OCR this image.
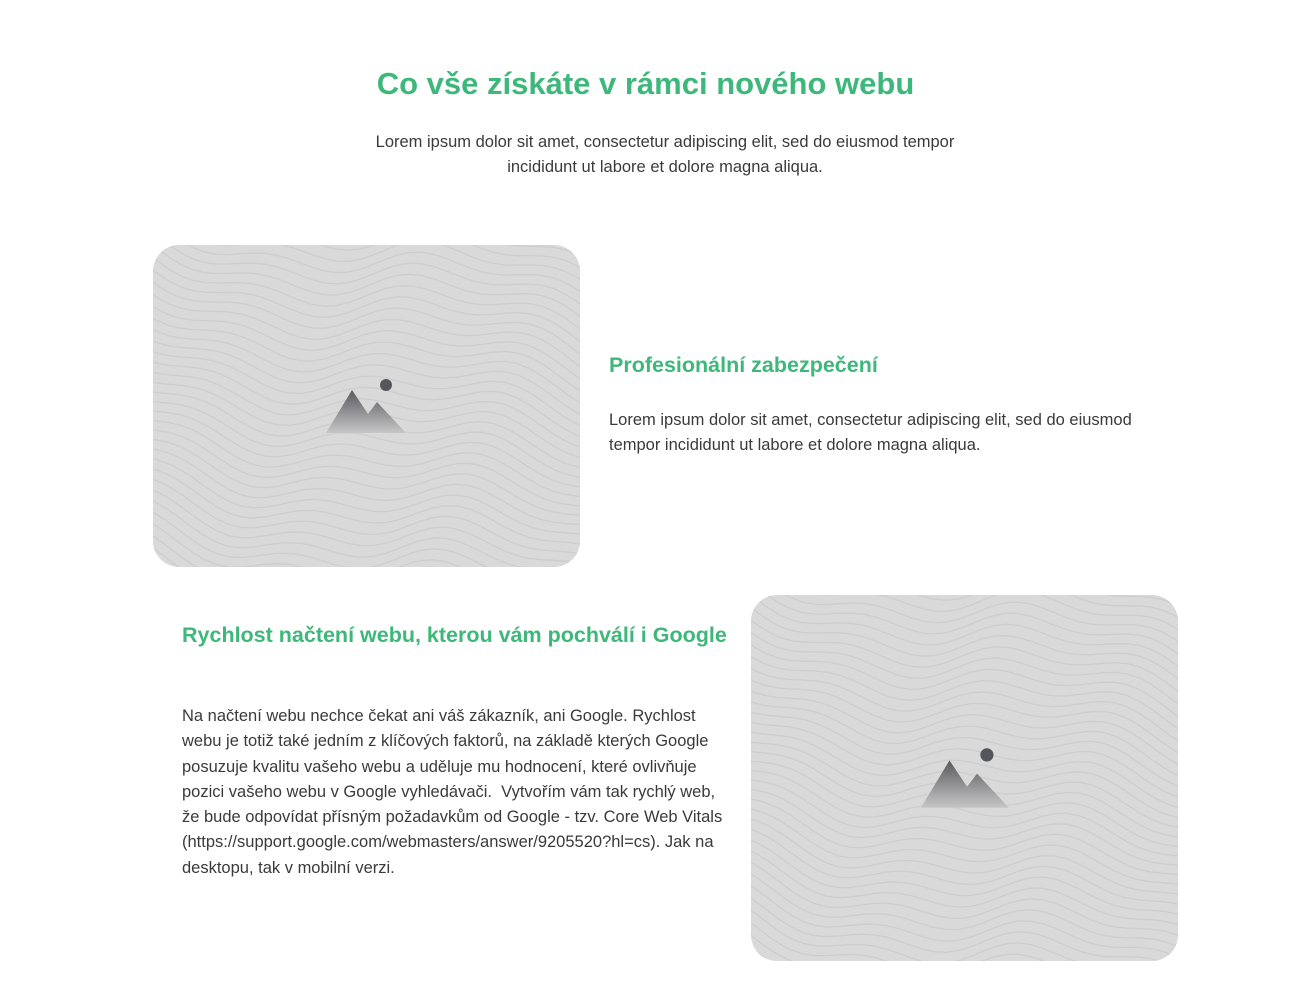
Co vše získáte v rámci nového webu

Lorem ipsum dolor sit amet, consectetur adipiscing elit, sed do eiusmod tempor incididunt ut labore et dolore magna aliqua.

Profesionální zabezpečení

Lorem ipsum dolor sit amet, consectetur adipiscing elit, sed do eiusmod tempor incididunt ut labore et dolore magna aliqua.

Rychlost načtení webu, kterou vám pochválí i Google

Na načtení webu nechce čekat ani váš zákazník, ani Google. Rychlost webu je totiž také jedním z klíčových faktorů, na základě kterých Google posuzuje kvalitu vašeho webu a uděluje mu hodnocení, které ovlivňuje pozici vašeho webu v Google vyhledávači.  Vytvořím vám tak rychlý web, že bude odpovídat přísným požadavkům od Google - tzv. Core Web Vitals (https://support.google.com/webmasters/answer/9205520?hl=cs). Jak na desktopu, tak v mobilní verzi.
